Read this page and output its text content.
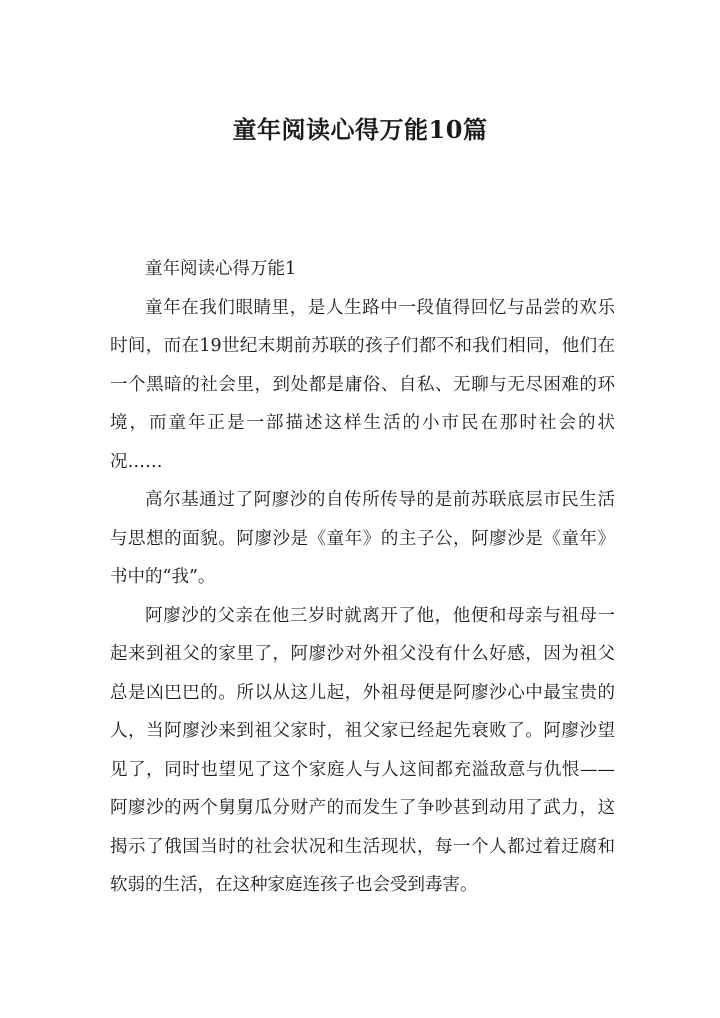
童年阅读心得万能10篇

童年阅读心得万能1

童年在我们眼睛里，是人生路中一段值得回忆与品尝的欢乐时间，而在19世纪末期前苏联的孩子们都不和我们相同，他们在一个黑暗的社会里，到处都是庸俗、自私、无聊与无尽困难的环境，而童年正是一部描述这样生活的小市民在那时社会的状况……

高尔基通过了阿廖沙的自传所传导的是前苏联底层市民生活与思想的面貌。阿廖沙是《童年》的主子公，阿廖沙是《童年》书中的“我”。

阿廖沙的父亲在他三岁时就离开了他，他便和母亲与祖母一起来到祖父的家里了，阿廖沙对外祖父没有什么好感，因为祖父总是凶巴巴的。所以从这儿起，外祖母便是阿廖沙心中最宝贵的人，当阿廖沙来到祖父家时，祖父家已经起先衰败了。阿廖沙望见了，同时也望见了这个家庭人与人这间都充溢敌意与仇恨——阿廖沙的两个舅舅瓜分财产的而发生了争吵甚到动用了武力，这揭示了俄国当时的社会状况和生活现状，每一个人都过着迂腐和软弱的生活，在这种家庭连孩子也会受到毒害。
